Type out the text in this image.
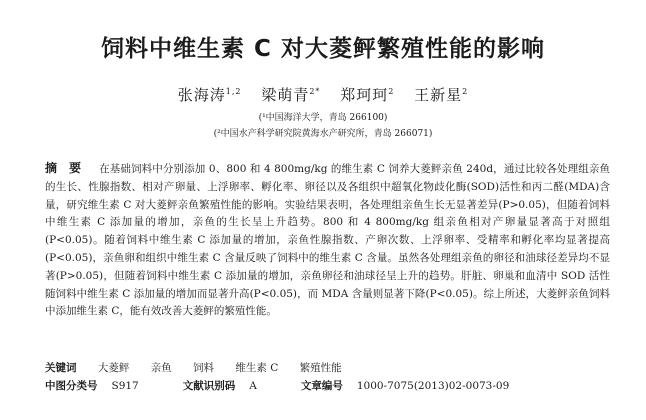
饲料中维生素 C 对大菱鲆繁殖性能的影响
张海涛$^{1,2}$ 梁萌青$^{2*}$ 郑珂珂$^2$ 王新星$^2$
(¹中国海洋大学，青岛 266100)
(²中国水产科学研究院黄海水产研究所，青岛 266071)

摘　要 在基础饲料中分别添加 0、800 和 4 800mg/kg 的维生素 C 饲养大菱鲆亲鱼 240d，通过比较各处理组亲鱼的生长、性腺指数、相对产卵量、上浮卵率、孵化率、卵径以及各组织中超氧化物歧化酶(SOD)活性和丙二醛(MDA)含量，研究维生素 C 对大菱鲆亲鱼繁殖性能的影响。实验结果表明，各处理组亲鱼生长无显著差异(P>0.05)，但随着饲料中维生素 C 添加量的增加，亲鱼的生长呈上升趋势。800 和 4 800mg/kg 组亲鱼相对产卵量显著高于对照组(P<0.05)。随着饲料中维生素 C 添加量的增加，亲鱼性腺指数、产卵次数、上浮卵率、受精率和孵化率均显著提高(P<0.05)，亲鱼卵和组织中维生素 C 含量反映了饲料中的维生素 C 含量。虽然各处理组亲鱼的卵径和油球径差异均不显著(P>0.05)，但随着饲料中维生素 C 添加量的增加，亲鱼卵径和油球径呈上升的趋势。肝脏、卵巢和血清中 SOD 活性随饲料中维生素 C 添加量的增加而显著升高(P<0.05)，而 MDA 含量则显著下降(P<0.05)。综上所述，大菱鲆亲鱼饲料中添加维生素 C，能有效改善大菱鲆的繁殖性能。

关键词 大菱鲆 亲鱼 饲料 维生素 C 繁殖性能

中图分类号 S917	文献识别码 A	文章编号 1000-7075(2013)02-0073-09
